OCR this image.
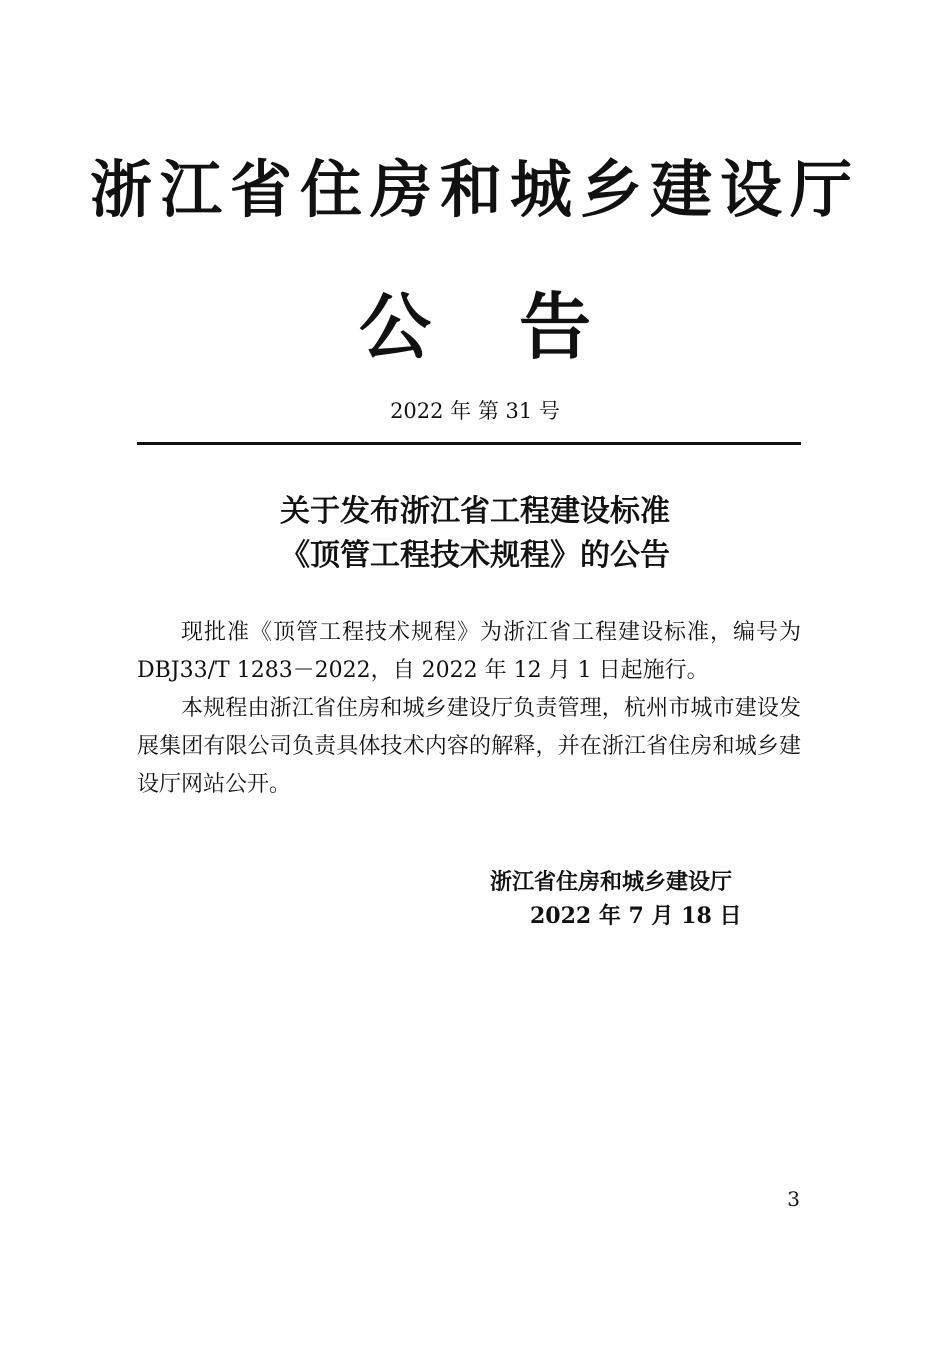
浙江省住房和城乡建设厅
公 告
2022 年 第 31 号
关于发布浙江省工程建设标准
《顶管工程技术规程》的公告

现批准《顶管工程技术规程》为浙江省工程建设标准，编号为 DBJ33/T 1283－2022，自 2022 年 12 月 1 日起施行。

本规程由浙江省住房和城乡建设厅负责管理，杭州市城市建设发展集团有限公司负责具体技术内容的解释，并在浙江省住房和城乡建设厅网站公开。

浙江省住房和城乡建设厅
2022 年 7 月 18 日
3
